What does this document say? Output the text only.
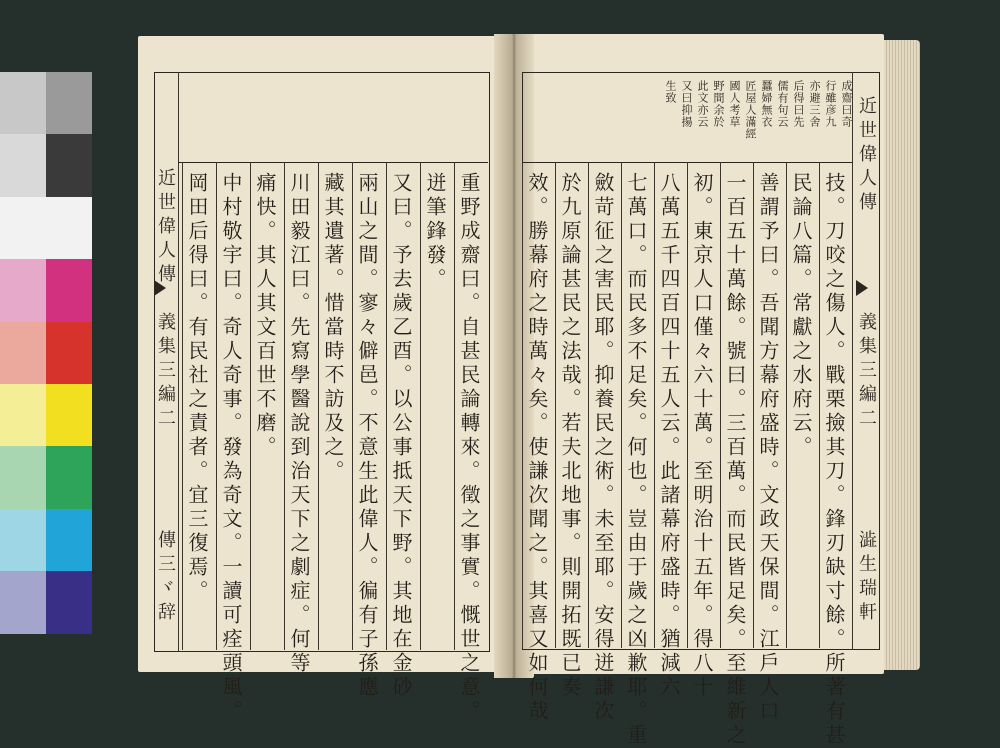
近世偉人傳
義集三編二
傳三ヾ辞	重野成齋曰。自甚民論轉來。徵之事實。慨世之意。
迸筆鋒發。
又曰。予去歲乙酉。以公事抵天下野。其地在金砂
兩山之間。寥々僻邑。不意生此偉人。徧有子孫應
藏其遺著。惜當時不訪及之。
川田毅江曰。先寫學醫說到治天下之劇症。何等
痛快。其人其文百世不磨。
中村敬宇曰。奇人奇事。發為奇文。一讀可痊頭風。
岡田后得曰。有民社之責者。宜三復焉。
近世偉人傳
義集三編二
澁生瑞軒
成齋曰奇
行雖彦九
亦避三舍
后得曰先
儒有句云
蠶婦無衣
匠屋人滿經
國人考草
野間余於
此文亦云
又曰抑揚
生致
技。刀咬之傷人。戰栗撿其刀。鋒刃缺寸餘。所著有甚
民論八篇。常獻之水府云。
善謂予曰。吾聞方幕府盛時。文政天保間。江戶人口
一百五十萬餘。號曰。三百萬。而民皆足矣。至維新之
初。東京人口僅々六十萬。至明治十五年。得八十
八萬五千四百四十五人云。此諸幕府盛時。猶減六
七萬口。而民多不足矣。何也。豈由于歲之凶歉耶。重
斂苛征之害民耶。抑養民之術。未至耶。安得迸謙次
於九原論甚民之法哉。若夫北地事。則開拓既已奏
效。勝幕府之時萬々矣。使謙次聞之。其喜又如何哉
